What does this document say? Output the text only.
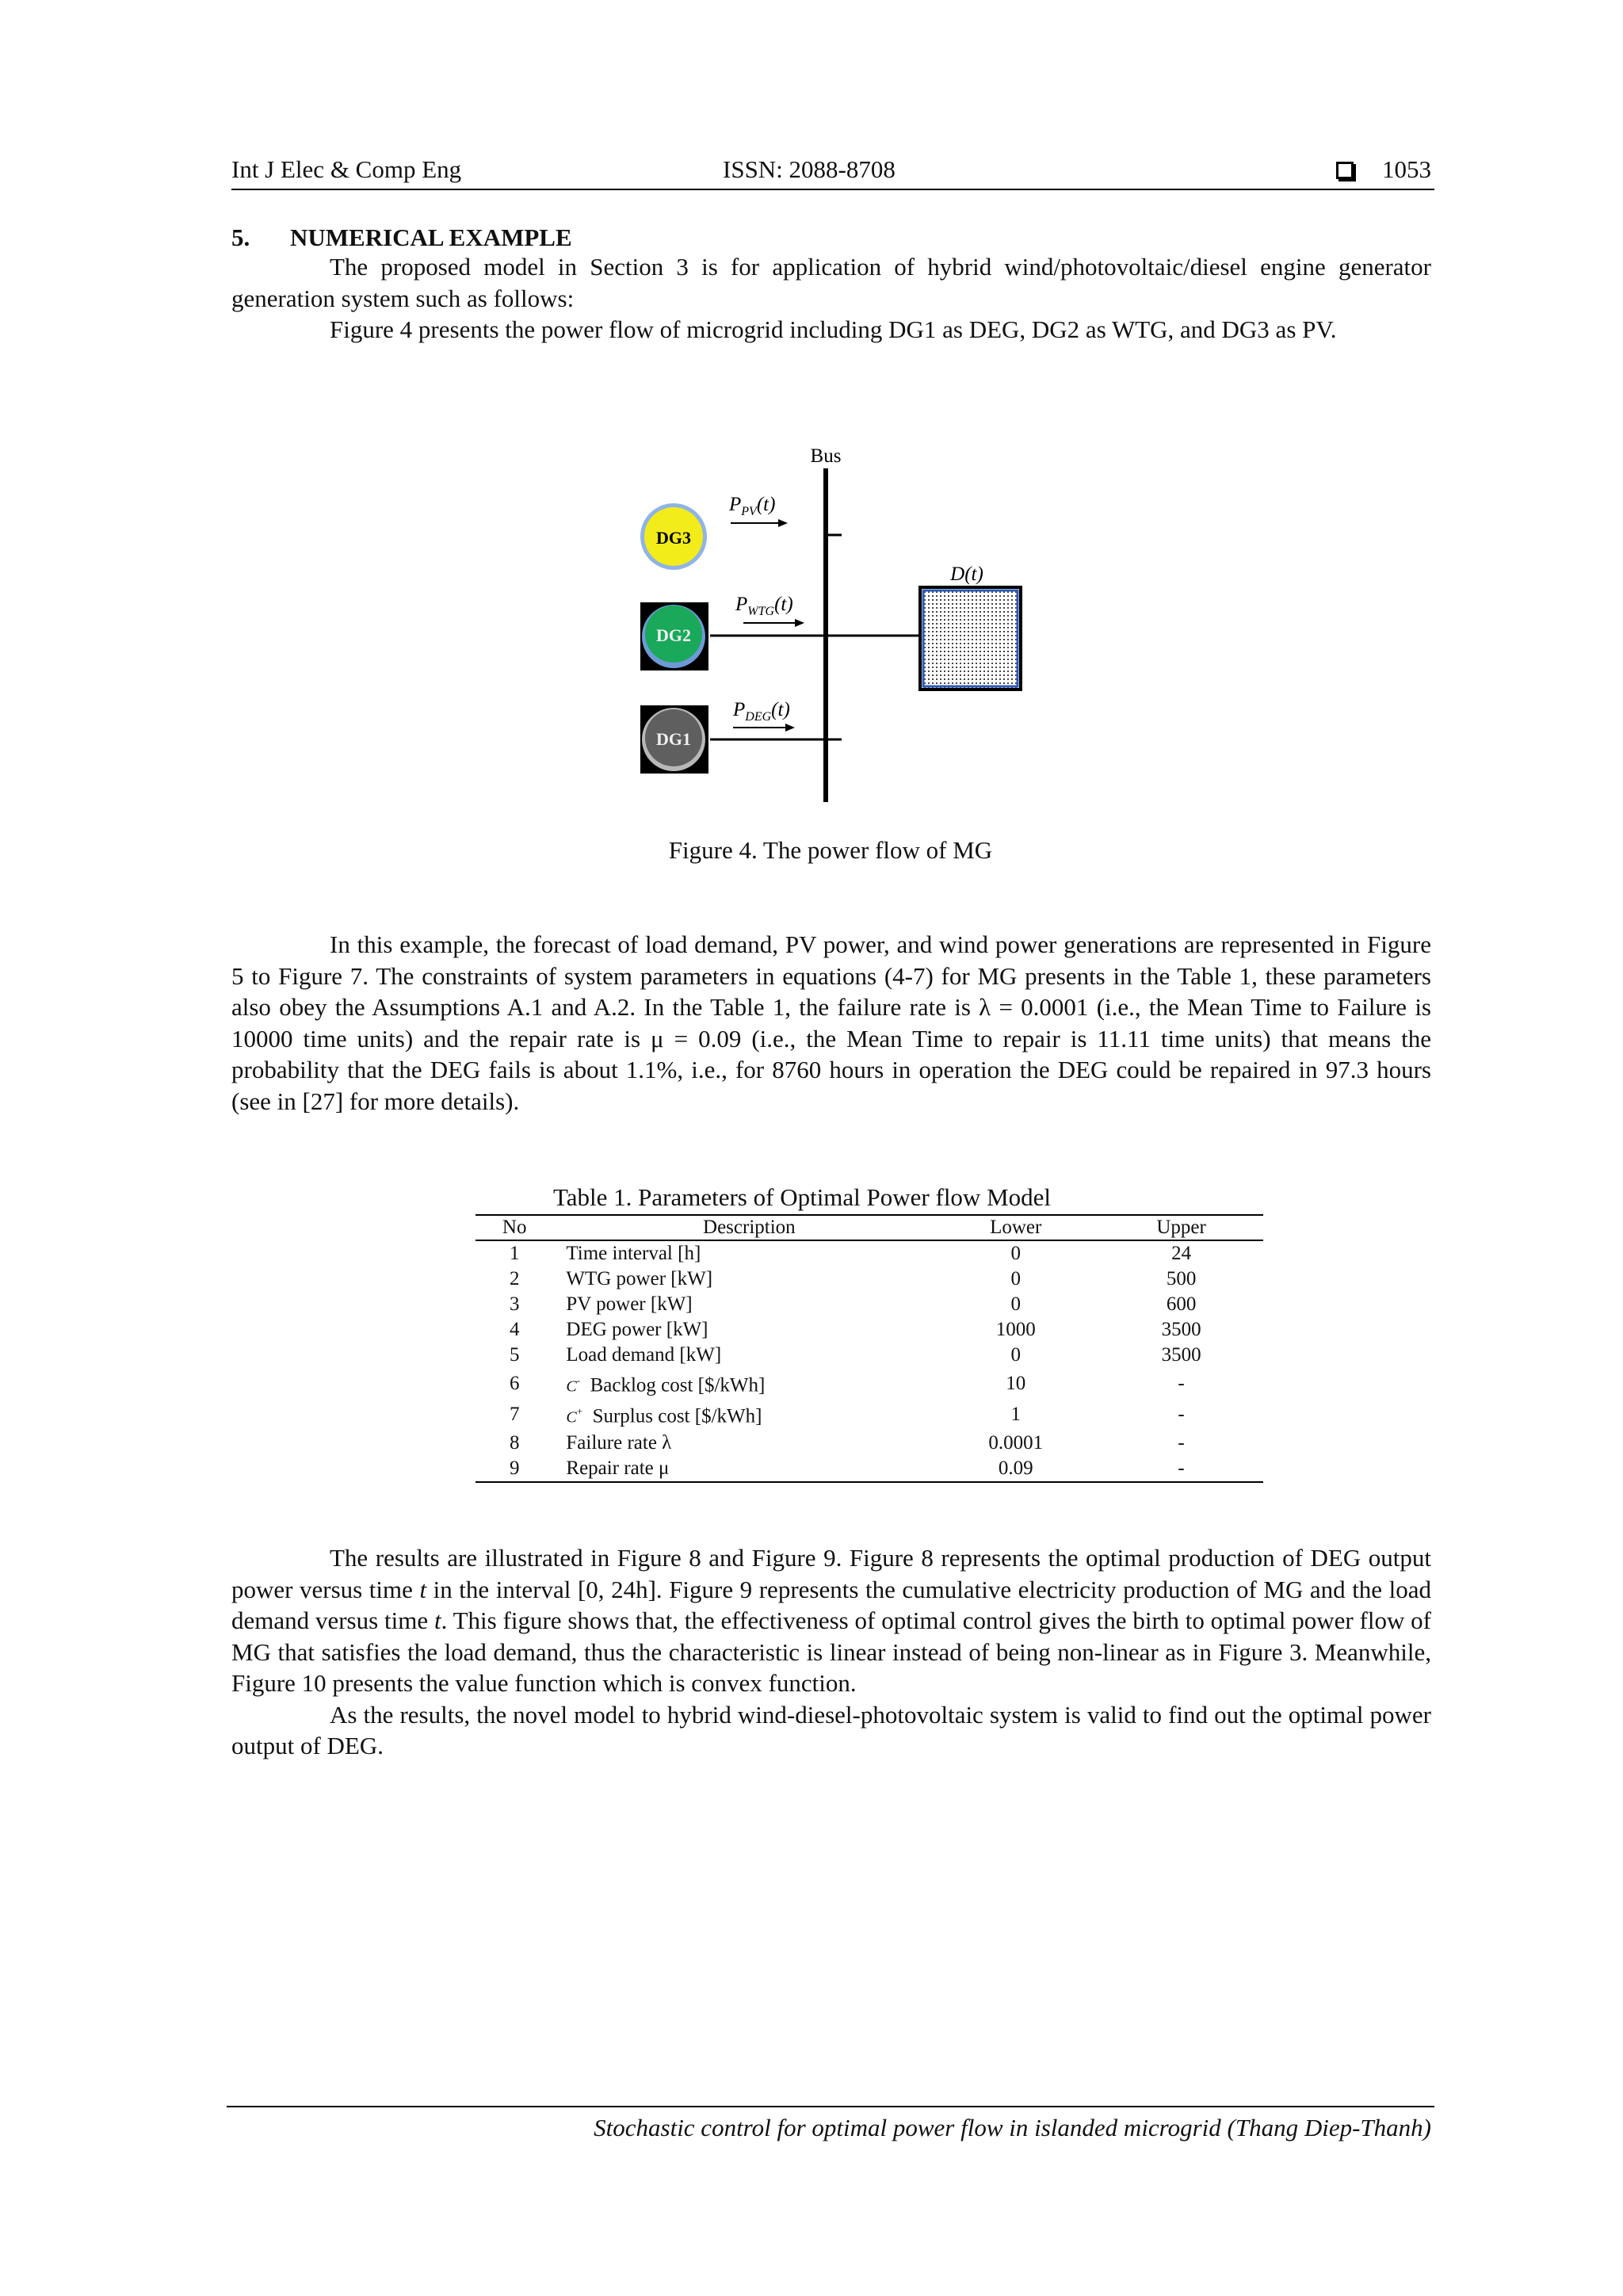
Int J Elec & Comp Eng	ISSN: 2088-8708	1053
5. NUMERICAL EXAMPLE

The proposed model in Section 3 is for application of hybrid wind/photovoltaic/diesel engine generator generation system such as follows:

Figure 4 presents the power flow of microgrid including DG1 as DEG, DG2 as WTG, and DG3 as PV.

Bus
DG3
$P_{PV}(t)$
DG2
$P_{WTG}(t)$
DG1
$P_{DEG}(t)$
D(t)
Figure 4. The power flow of MG

In this example, the forecast of load demand, PV power, and wind power generations are represented in Figure 5 to Figure 7. The constraints of system parameters in equations (4-7) for MG presents in the Table 1, these parameters also obey the Assumptions A.1 and A.2. In the Table 1, the failure rate is λ = 0.0001 (i.e., the Mean Time to Failure is 10000 time units) and the repair rate is μ = 0.09 (i.e., the Mean Time to repair is 11.11 time units) that means the probability that the DEG fails is about 1.1%, i.e., for 8760 hours in operation the DEG could be repaired in 97.3 hours (see in [27] for more details).

Table 1. Parameters of Optimal Power flow Model
No	Description	Lower	Upper
1	Time interval [h]	0	24
2	WTG power [kW]	0	500
3	PV power [kW]	0	600
4	DEG power [kW]	1000	3500
5	Load demand [kW]	0	3500
6	C- Backlog cost [$/kWh]	10	-
7	C+ Surplus cost [$/kWh]	1	-
8	Failure rate λ	0.0001	-
9	Repair rate μ	0.09	-

The results are illustrated in Figure 8 and Figure 9. Figure 8 represents the optimal production of DEG output power versus time t in the interval [0, 24h]. Figure 9 represents the cumulative electricity production of MG and the load demand versus time t. This figure shows that, the effectiveness of optimal control gives the birth to optimal power flow of MG that satisfies the load demand, thus the characteristic is linear instead of being non-linear as in Figure 3. Meanwhile, Figure 10 presents the value function which is convex function.

As the results, the novel model to hybrid wind-diesel-photovoltaic system is valid to find out the optimal power output of DEG.

Stochastic control for optimal power flow in islanded microgrid (Thang Diep-Thanh)
